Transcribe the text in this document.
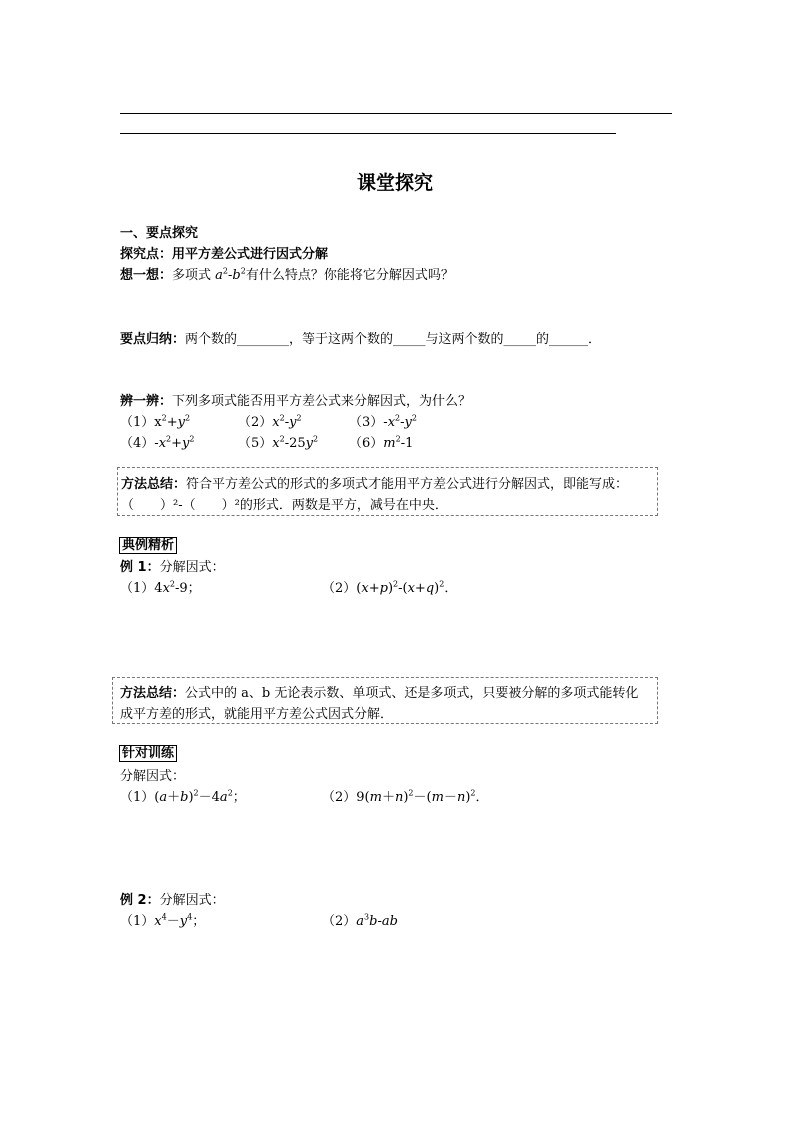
课堂探究
一、要点探究
探究点：用平方差公式进行因式分解
想一想：多项式 $a^2-b^2$有什么特点？你能将它分解因式吗？
要点归纳：两个数的________，等于这两个数的_____与这两个数的_____的______．
辨一辨：下列多项式能否用平方差公式来分解因式，为什么？
$(1)x^2+y^2$	$(2)x^2-y^2$	$(3)-x^2-y^2$
$(4)-x^2+y^2$	$(5)x^2-25y^2$ $(6)m^2-1$
方法总结：符合平方差公式的形式的多项式才能用平方差公式进行分解因式，即能写成：
（　　）²-（　　）²的形式．两数是平方，减号在中央．
典例精析
例 1：分解因式：
$(1)4x^2-9$；	$(2)(x+p)^2-(x+q)^2$．
方法总结：公式中的 a、b 无论表示数、单项式、还是多项式，只要被分解的多项式能转化
成平方差的形式，就能用平方差公式因式分解．
针对训练
分解因式：
$(1)(a+b)^2-4a^2$；	$(2)9(m+n)^2-(m-n)^2$．
例 2：分解因式：
$(1)x^4-y^4$；	$(2)a^3b-ab$
